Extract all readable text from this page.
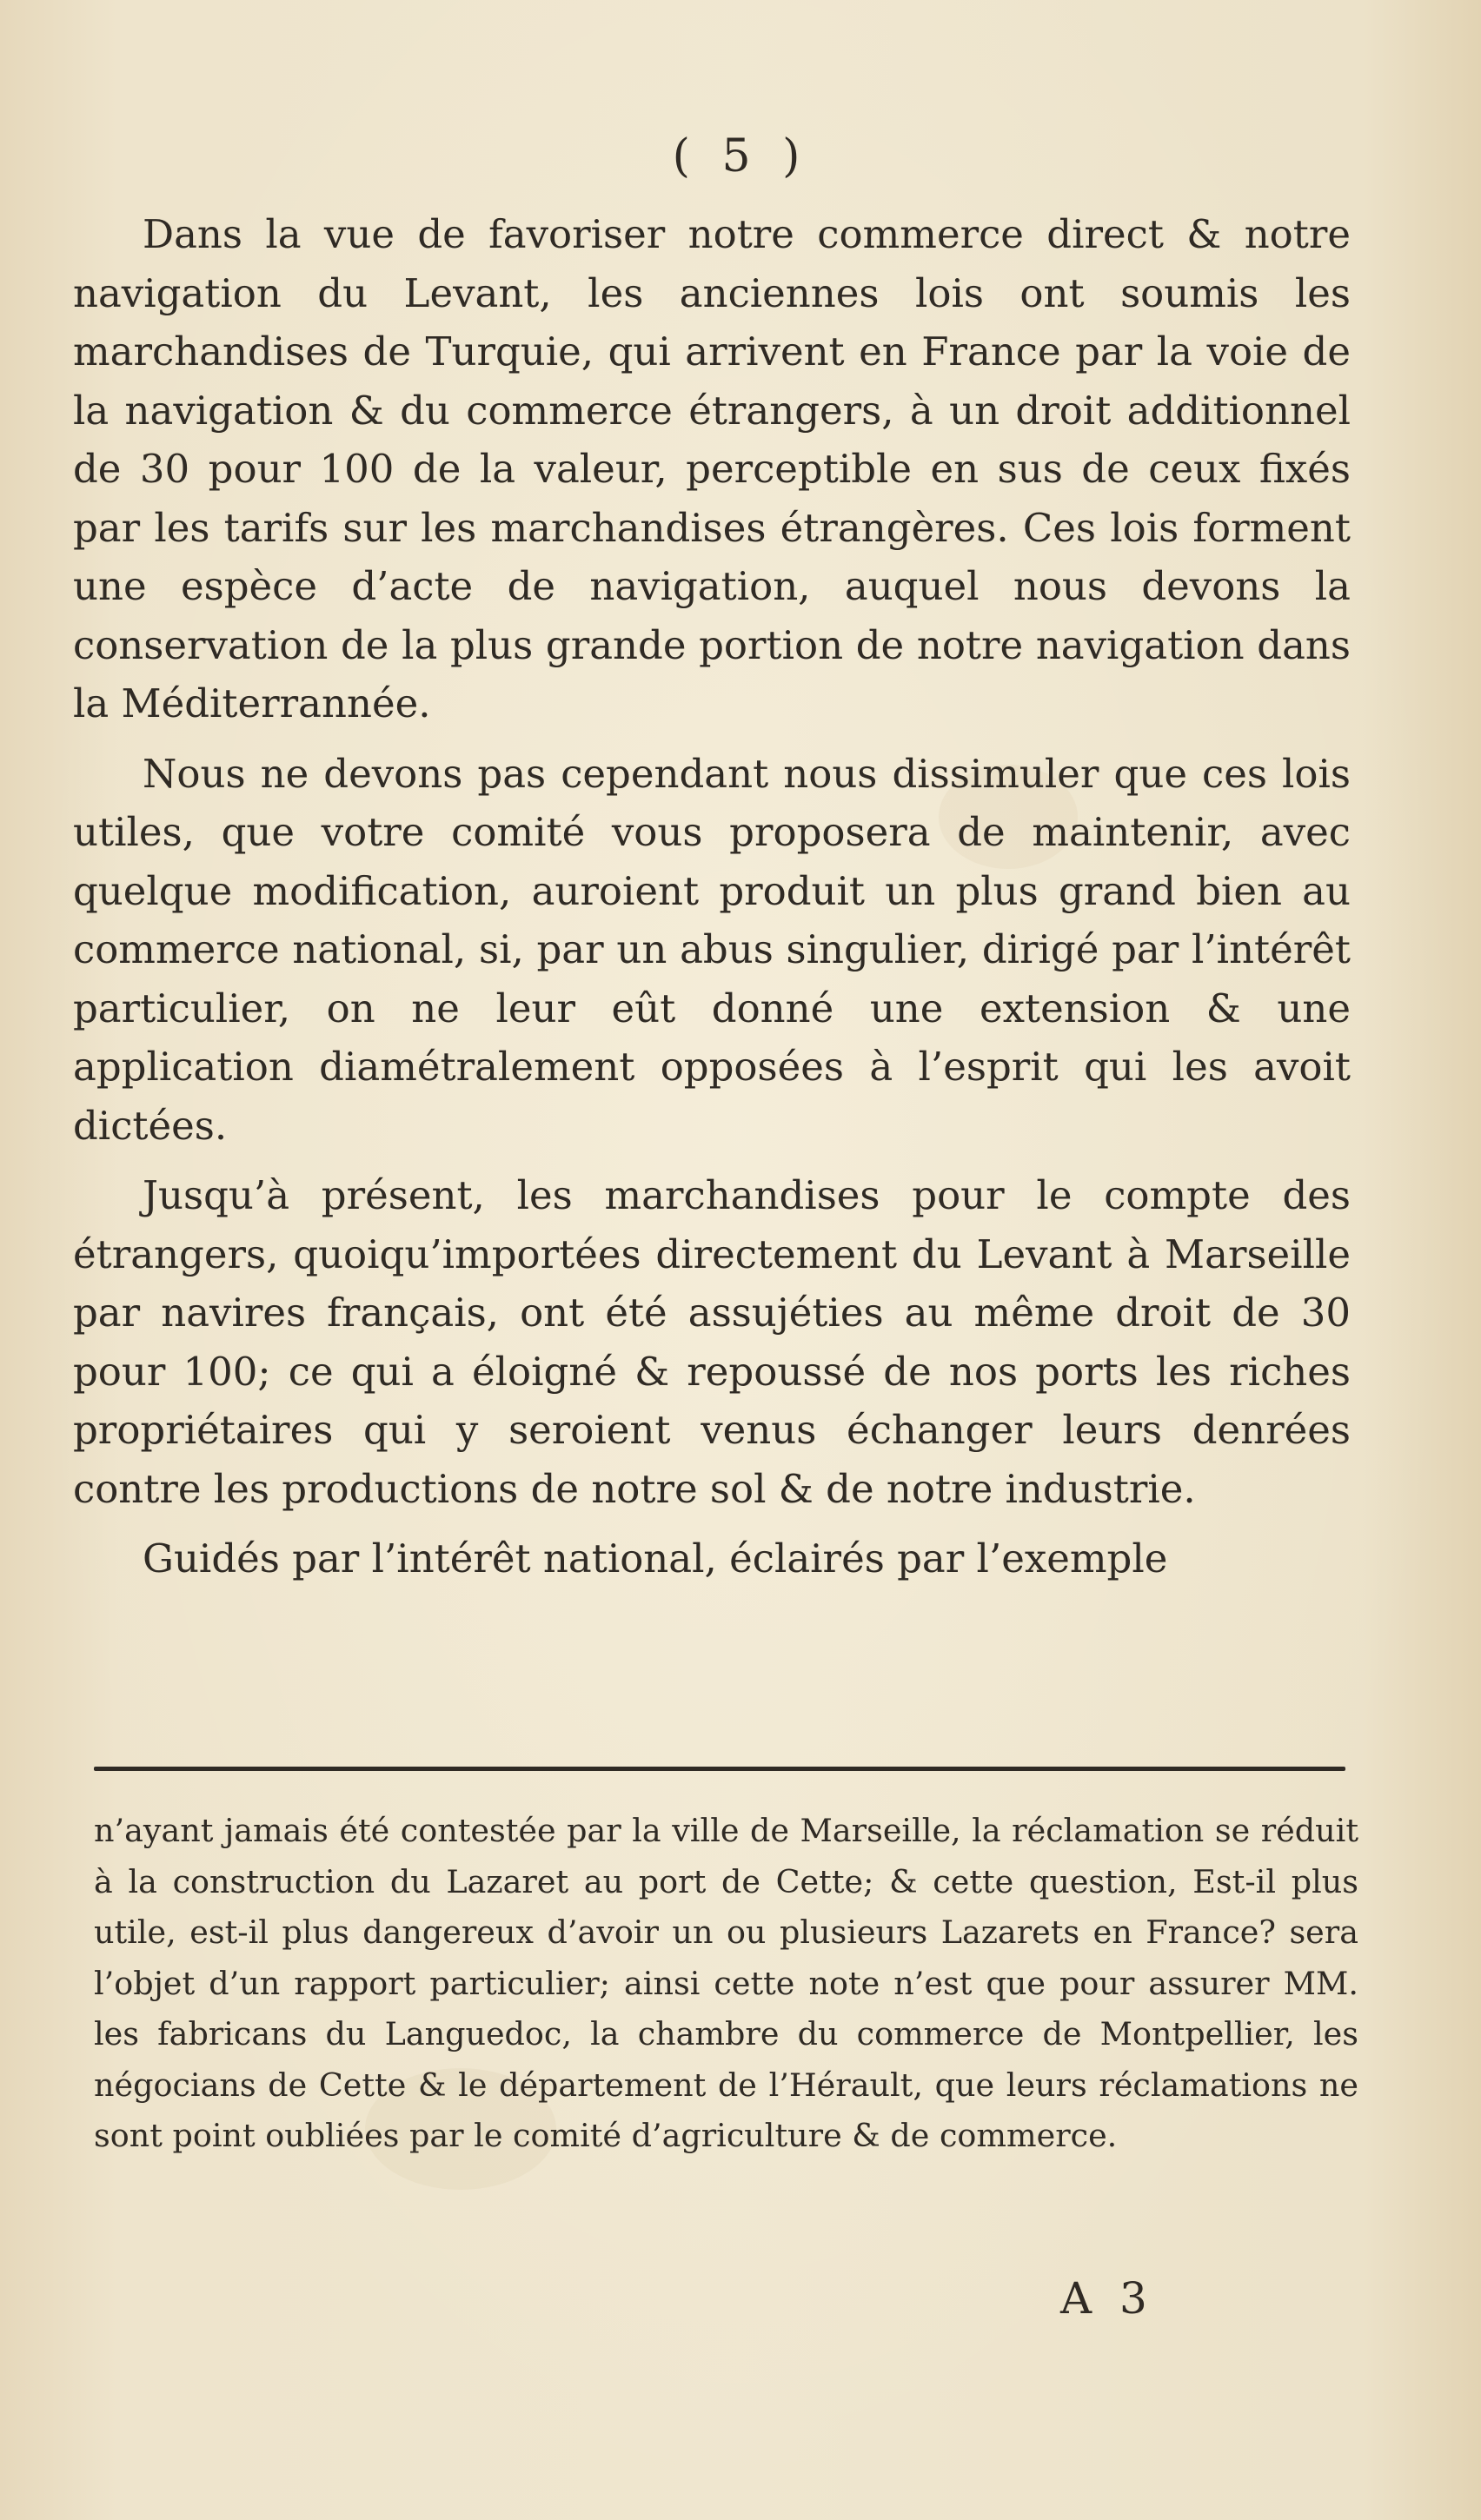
( 5 )

Dans la vue de favoriser notre commerce direct & notre navigation du Levant, les anciennes lois ont soumis les marchandises de Turquie, qui arrivent en France par la voie de la navigation & du commerce étrangers, à un droit additionnel de 30 pour 100 de la valeur, perceptible en sus de ceux fixés par les tarifs sur les marchandises étrangères. Ces lois forment une espèce d’acte de navigation, auquel nous devons la conservation de la plus grande portion de notre navigation dans la Méditerrannée.

Nous ne devons pas cependant nous dissimuler que ces lois utiles, que votre comité vous proposera de maintenir, avec quelque modification, auroient produit un plus grand bien au commerce national, si, par un abus singulier, dirigé par l’intérêt particulier, on ne leur eût donné une extension & une application diamétralement opposées à l’esprit qui les avoit dictées.

Jusqu’à présent, les marchandises pour le compte des étrangers, quoiqu’importées directement du Levant à Marseille par navires français, ont été assujéties au même droit de 30 pour 100; ce qui a éloigné & repoussé de nos ports les riches propriétaires qui y seroient venus échanger leurs denrées contre les productions de notre sol & de notre industrie.

Guidés par l’intérêt national, éclairés par l’exemple

n’ayant jamais été contestée par la ville de Marseille, la réclamation se réduit à la construction du Lazaret au port de Cette; & cette question, Est-il plus utile, est-il plus dangereux d’avoir un ou plusieurs Lazarets en France? sera l’objet d’un rapport particulier; ainsi cette note n’est que pour assurer MM. les fabricans du Languedoc, la chambre du commerce de Montpellier, les négocians de Cette & le département de l’Hérault, que leurs réclamations ne sont point oubliées par le comité d’agriculture & de commerce.

A 3
